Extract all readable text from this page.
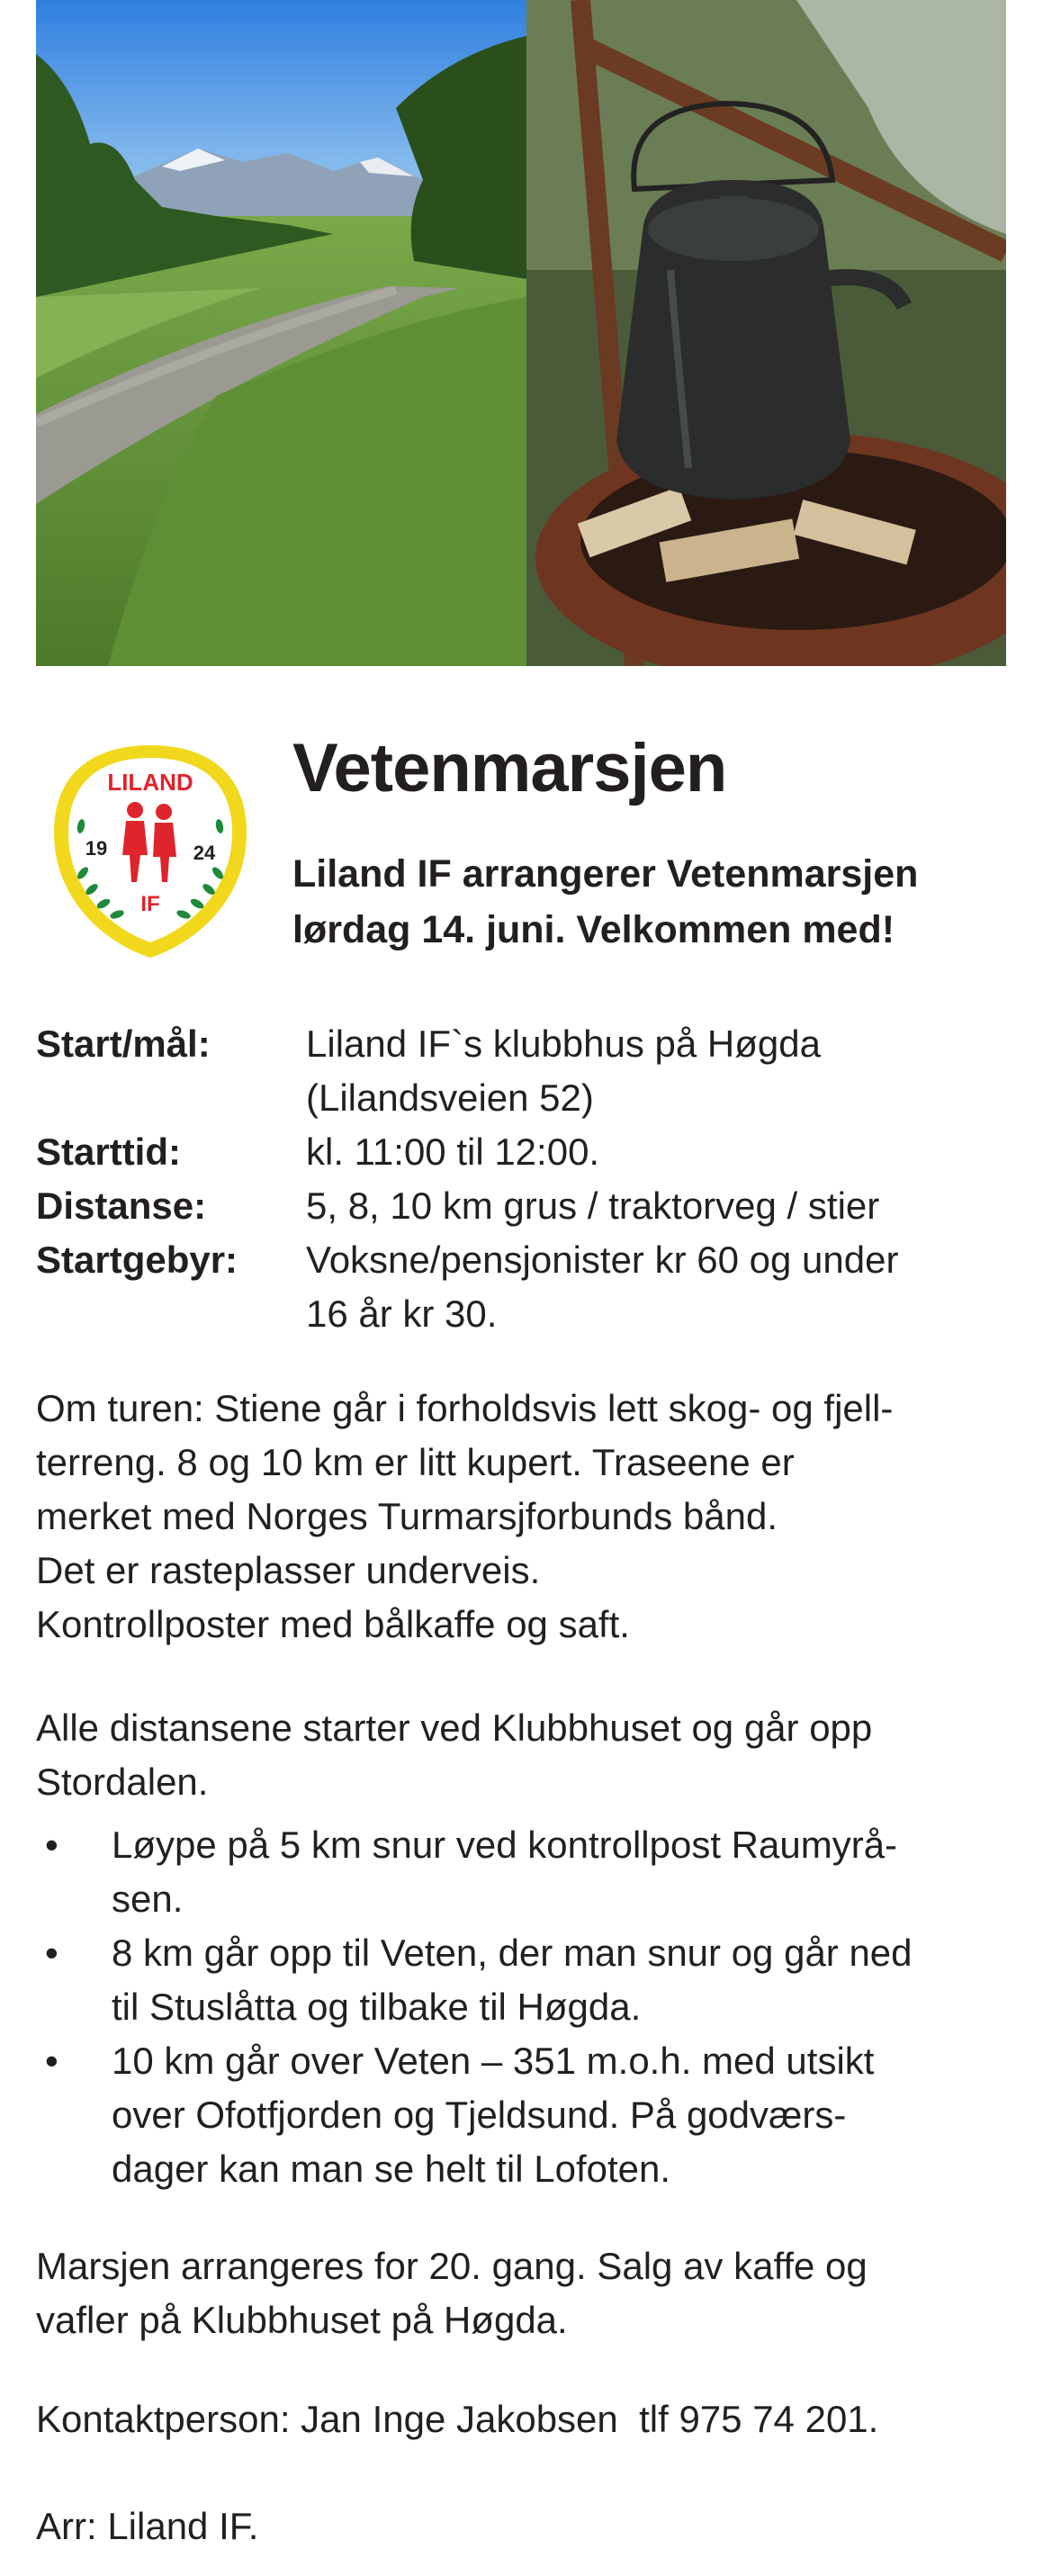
LILAND
19	24
IF
Vetenmarsjen
Liland IF arrangerer Vetenmarsjen
lørdag 14. juni. Velkommen med!
Start/mål:	Liland IF`s klubbhus på Høgda
(Lilandsveien 52)
Starttid:	kl. 11:00 til 12:00.
Distanse:	5, 8, 10 km grus / traktorveg / stier
Startgebyr:	Voksne/pensjonister kr 60 og under
16 år kr 30.

Om turen: Stiene går i forholdsvis lett skog- og fjell-
terreng. 8 og 10 km er litt kupert. Traseene er
merket med Norges Turmarsjforbunds bånd.
Det er rasteplasser underveis.
Kontrollposter med bålkaffe og saft.

Alle distansene starter ved Klubbhuset og går opp
Stordalen.

•	Løype på 5 km snur ved kontrollpost Raumyrå-
sen.
•	8 km går opp til Veten, der man snur og går ned
til Stuslåtta og tilbake til Høgda.
•	10 km går over Veten – 351 m.o.h. med utsikt
over Ofotfjorden og Tjeldsund. På godværs-
dager kan man se helt til Lofoten.

Marsjen arrangeres for 20. gang. Salg av kaffe og
vafler på Klubbhuset på Høgda.

Kontaktperson: Jan Inge Jakobsen  tlf 975 74 201.

Arr: Liland IF.
